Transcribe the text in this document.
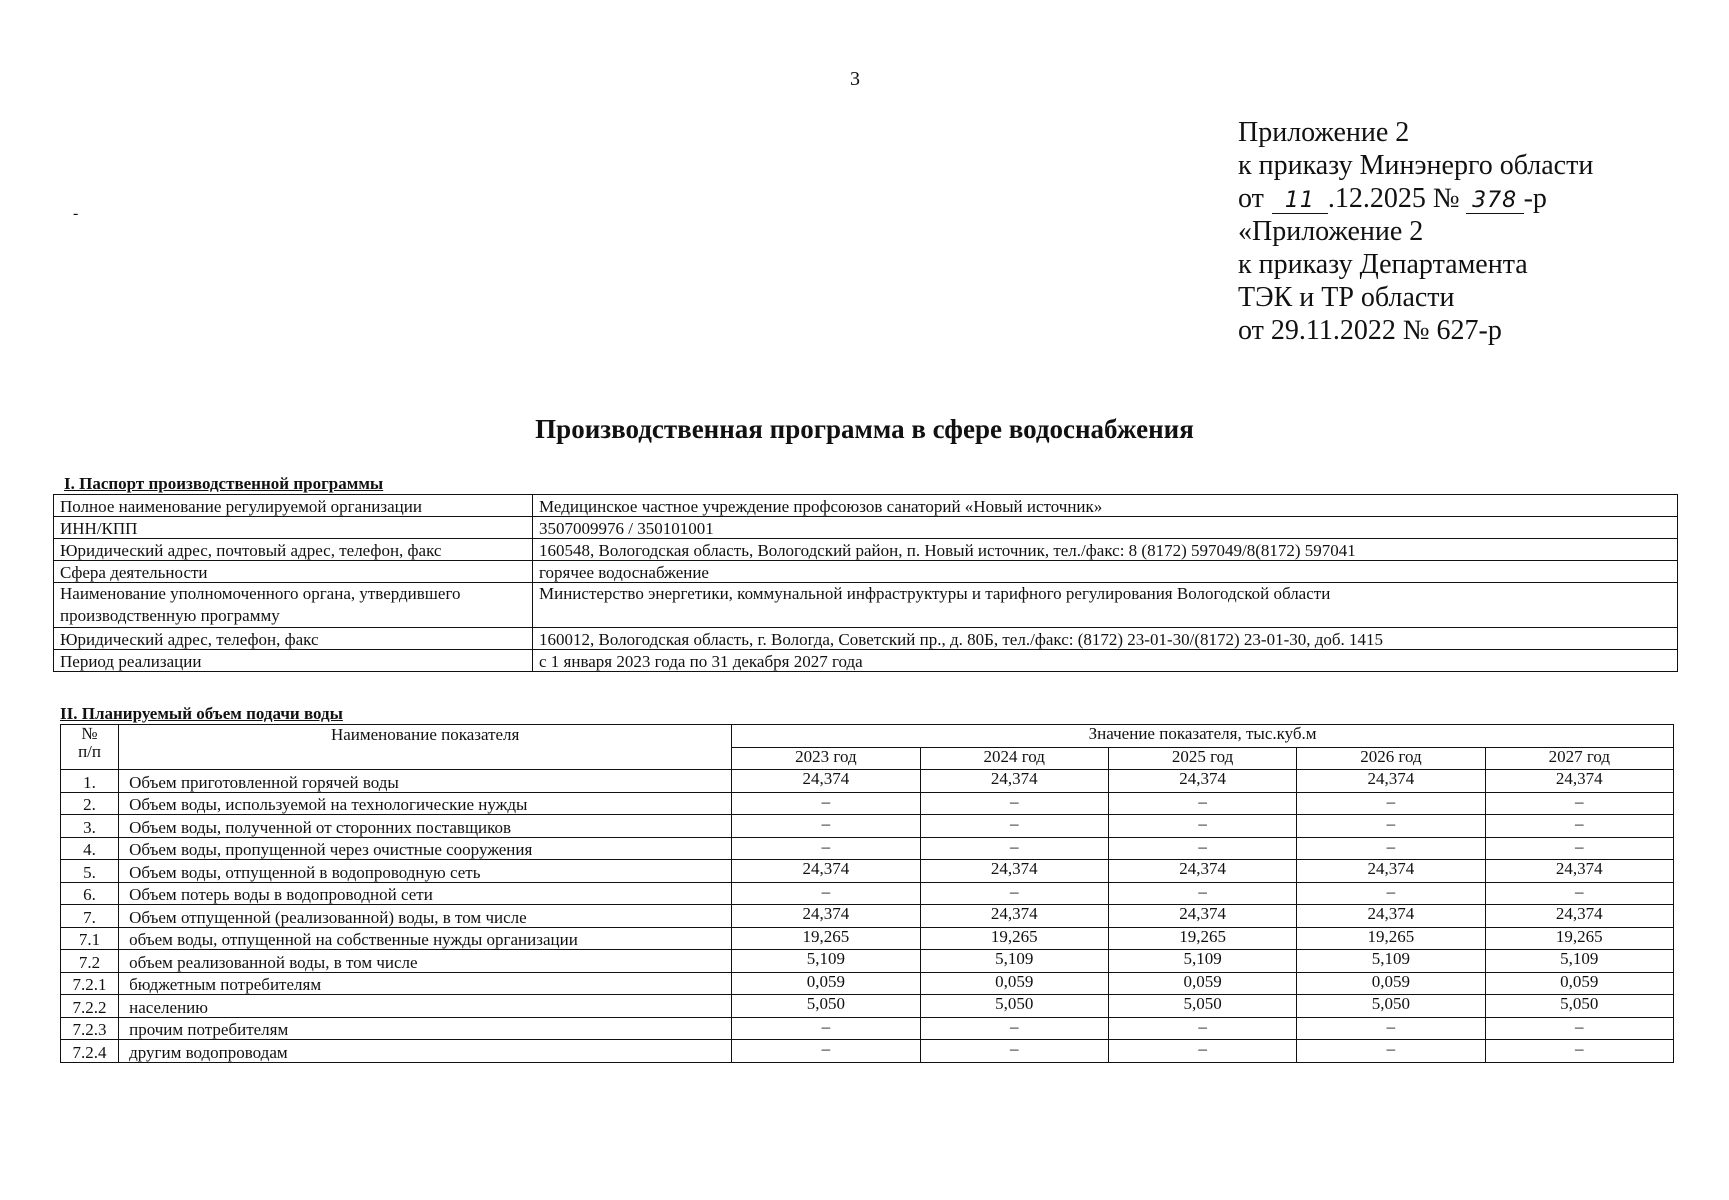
3
Приложение 2
к приказу Минэнерго области
от 11 .12.2025 № 378 -р
«Приложение 2
к приказу Департамента
ТЭК и ТР области
от 29.11.2022 № 627-р
-
Производственная программа в сфере водоснабжения
I. Паспорт производственной программы
Полное наименование регулируемой организации	Медицинское частное учреждение профсоюзов санаторий «Новый источник»
ИНН/КПП	3507009976 / 350101001
Юридический адрес, почтовый адрес, телефон, факс	160548, Вологодская область, Вологодский район, п. Новый источник, тел./факс: 8 (8172) 597049/8(8172) 597041
Сфера деятельности	горячее водоснабжение
Наименование уполномоченного органа, утвердившего производственную программу	Министерство энергетики, коммунальной инфраструктуры и тарифного регулирования Вологодской области
Юридический адрес, телефон, факс	160012, Вологодская область, г. Вологда, Советский пр., д. 80Б, тел./факс: (8172) 23-01-30/(8172) 23-01-30, доб. 1415
Период реализации	с 1 января 2023 года по 31 декабря 2027 года
II. Планируемый объем подачи воды
№
п/п	Наименование показателя	Значение показателя, тыс.куб.м				
		2023 год	2024 год	2025 год	2026 год	2027 год
1.	Объем приготовленной горячей воды	24,374	24,374	24,374	24,374	24,374
2.	Объем воды, используемой на технологические нужды	–	–	–	–	–
3.	Объем воды, полученной от сторонних поставщиков	–	–	–	–	–
4.	Объем воды, пропущенной через очистные сооружения	–	–	–	–	–
5.	Объем воды, отпущенной в водопроводную сеть	24,374	24,374	24,374	24,374	24,374
6.	Объем потерь воды в водопроводной сети	–	–	–	–	–
7.	Объем отпущенной (реализованной) воды, в том числе	24,374	24,374	24,374	24,374	24,374
7.1	объем воды, отпущенной на собственные нужды организации	19,265	19,265	19,265	19,265	19,265
7.2	объем реализованной воды, в том числе	5,109	5,109	5,109	5,109	5,109
7.2.1	бюджетным потребителям	0,059	0,059	0,059	0,059	0,059
7.2.2	населению	5,050	5,050	5,050	5,050	5,050
7.2.3	прочим потребителям	–	–	–	–	–
7.2.4	другим водопроводам	–	–	–	–	–
